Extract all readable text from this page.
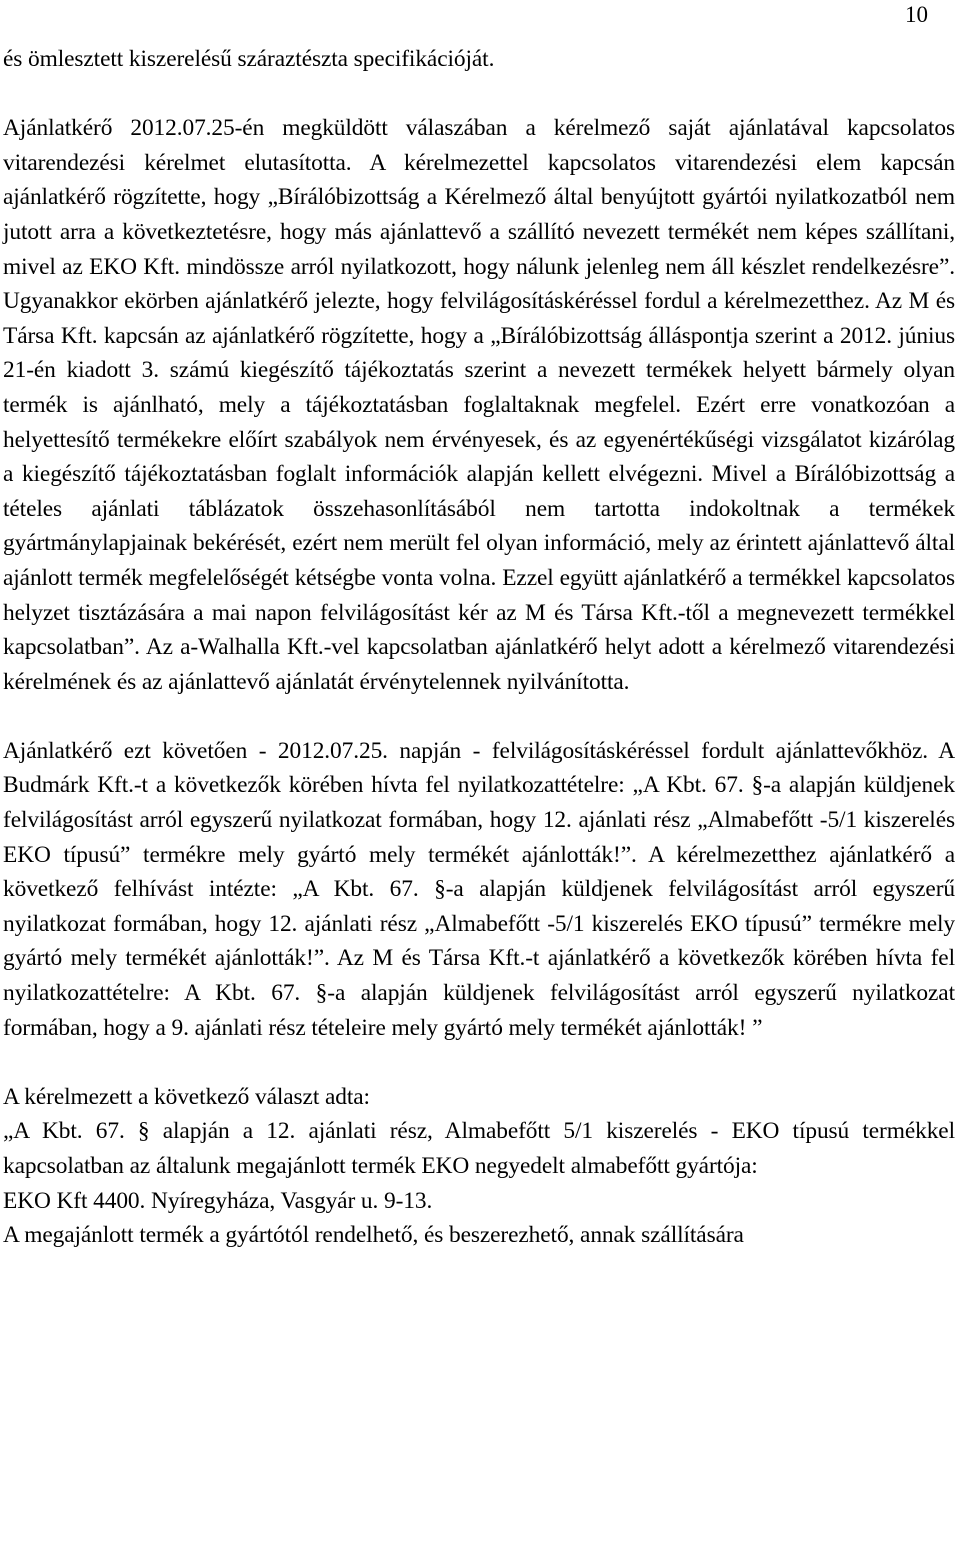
10

és ömlesztett kiszerelésű száraztészta specifikációját.

Ajánlatkérő 2012.07.25-én megküldött válaszában a kérelmező saját ajánlatával kapcsolatos vitarendezési kérelmet elutasította. A kérelmezettel kapcsolatos vitarendezési elem kapcsán ajánlatkérő rögzítette, hogy „Bírálóbizottság a Kérelmező által benyújtott gyártói nyilatkozatból nem jutott arra a következtetésre, hogy más ajánlattevő a szállító nevezett termékét nem képes szállítani, mivel az EKO Kft. mindössze arról nyilatkozott, hogy nálunk jelenleg nem áll készlet rendelkezésre”. Ugyanakkor ekörben ajánlatkérő jelezte, hogy felvilágosításkéréssel fordul a kérelmezetthez. Az M és Társa Kft. kapcsán az ajánlatkérő rögzítette, hogy a „Bírálóbizottság álláspontja szerint a 2012. június 21-én kiadott 3. számú kiegészítő tájékoztatás szerint a nevezett termékek helyett bármely olyan termék is ajánlható, mely a tájékoztatásban foglaltaknak megfelel. Ezért erre vonatkozóan a helyettesítő termékekre előírt szabályok nem érvényesek, és az egyenértékűségi vizsgálatot kizárólag a kiegészítő tájékoztatásban foglalt információk alapján kellett elvégezni. Mivel a Bírálóbizottság a tételes ajánlati táblázatok összehasonlításából nem tartotta indokoltnak a termékek gyártmánylapjainak bekérését, ezért nem merült fel olyan információ, mely az érintett ajánlattevő által ajánlott termék megfelelőségét kétségbe vonta volna. Ezzel együtt ajánlatkérő a termékkel kapcsolatos helyzet tisztázására a mai napon felvilágosítást kér az M és Társa Kft.-től a megnevezett termékkel kapcsolatban”. Az a-Walhalla Kft.-vel kapcsolatban ajánlatkérő helyt adott a kérelmező vitarendezési kérelmének és az ajánlattevő ajánlatát érvénytelennek nyilvánította.

Ajánlatkérő ezt követően - 2012.07.25. napján - felvilágosításkéréssel fordult ajánlattevőkhöz. A Budmárk Kft.-t a következők körében hívta fel nyilatkozattételre: „A Kbt. 67. §-a alapján küldjenek felvilágosítást arról egyszerű nyilatkozat formában, hogy 12. ajánlati rész „Almabefőtt -5/1 kiszerelés EKO típusú” termékre mely gyártó mely termékét ajánlották!”. A kérelmezetthez ajánlatkérő a következő felhívást intézte: „A Kbt. 67. §-a alapján küldjenek felvilágosítást arról egyszerű nyilatkozat formában, hogy 12. ajánlati rész „Almabefőtt -5/1 kiszerelés EKO típusú” termékre mely gyártó mely termékét ajánlották!”. Az M és Társa Kft.-t ajánlatkérő a következők körében hívta fel nyilatkozattételre: A Kbt. 67. §-a alapján küldjenek felvilágosítást arról egyszerű nyilatkozat formában, hogy a 9. ajánlati rész tételeire mely gyártó mely termékét ajánlották! ”

A kérelmezett a következő választ adta:

„A Kbt. 67. § alapján a 12. ajánlati rész, Almabefőtt 5/1 kiszerelés - EKO típusú termékkel kapcsolatban az általunk megajánlott termék EKO negyedelt almabefőtt gyártója:

EKO Kft 4400. Nyíregyháza, Vasgyár u. 9-13.

A megajánlott termék a gyártótól rendelhető, és beszerezhető, annak szállítására
